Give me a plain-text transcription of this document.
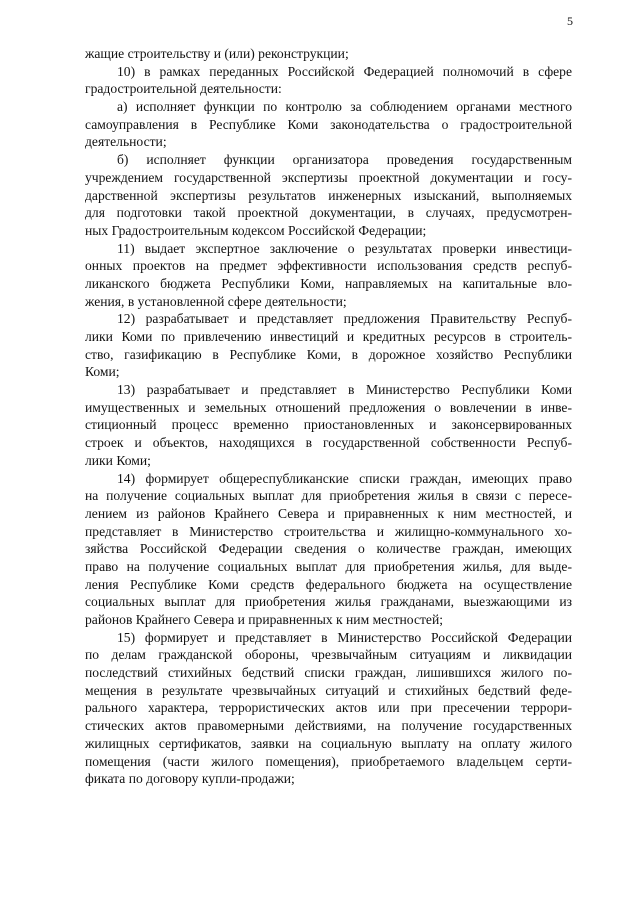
5
жащие строительству и (или) реконструкции;
10) в рамках переданных Российской Федерацией полномочий в сфере
градостроительной деятельности:
а) исполняет функции по контролю за соблюдением органами местного
самоуправления в Республике Коми законодательства о градостроительной
деятельности;
б) исполняет функции организатора проведения государственным
учреждением государственной экспертизы проектной документации и госу-
дарственной экспертизы результатов инженерных изысканий, выполняемых
для подготовки такой проектной документации, в случаях, предусмотрен-
ных Градостроительным кодексом Российской Федерации;
11) выдает экспертное заключение о результатах проверки инвестици-
онных проектов на предмет эффективности использования средств респуб-
ликанского бюджета Республики Коми, направляемых на капитальные вло-
жения, в установленной сфере деятельности;
12) разрабатывает и представляет предложения Правительству Респуб-
лики Коми по привлечению инвестиций и кредитных ресурсов в строитель-
ство, газификацию в Республике Коми, в дорожное хозяйство Республики
Коми;
13) разрабатывает и представляет в Министерство Республики Коми
имущественных и земельных отношений предложения о вовлечении в инве-
стиционный процесс временно приостановленных и законсервированных
строек и объектов, находящихся в государственной собственности Респуб-
лики Коми;
14) формирует общереспубликанские списки граждан, имеющих право
на получение социальных выплат для приобретения жилья в связи с пересе-
лением из районов Крайнего Севера и приравненных к ним местностей, и
представляет в Министерство строительства и жилищно-коммунального хо-
зяйства Российской Федерации сведения о количестве граждан, имеющих
право на получение социальных выплат для приобретения жилья, для выде-
ления Республике Коми средств федерального бюджета на осуществление
социальных выплат для приобретения жилья гражданами, выезжающими из
районов Крайнего Севера и приравненных к ним местностей;
15) формирует и представляет в Министерство Российской Федерации
по делам гражданской обороны, чрезвычайным ситуациям и ликвидации
последствий стихийных бедствий списки граждан, лишившихся жилого по-
мещения в результате чрезвычайных ситуаций и стихийных бедствий феде-
рального характера, террористических актов или при пресечении террори-
стических актов правомерными действиями, на получение государственных
жилищных сертификатов, заявки на социальную выплату на оплату жилого
помещения (части жилого помещения), приобретаемого владельцем серти-
фиката по договору купли-продажи;
